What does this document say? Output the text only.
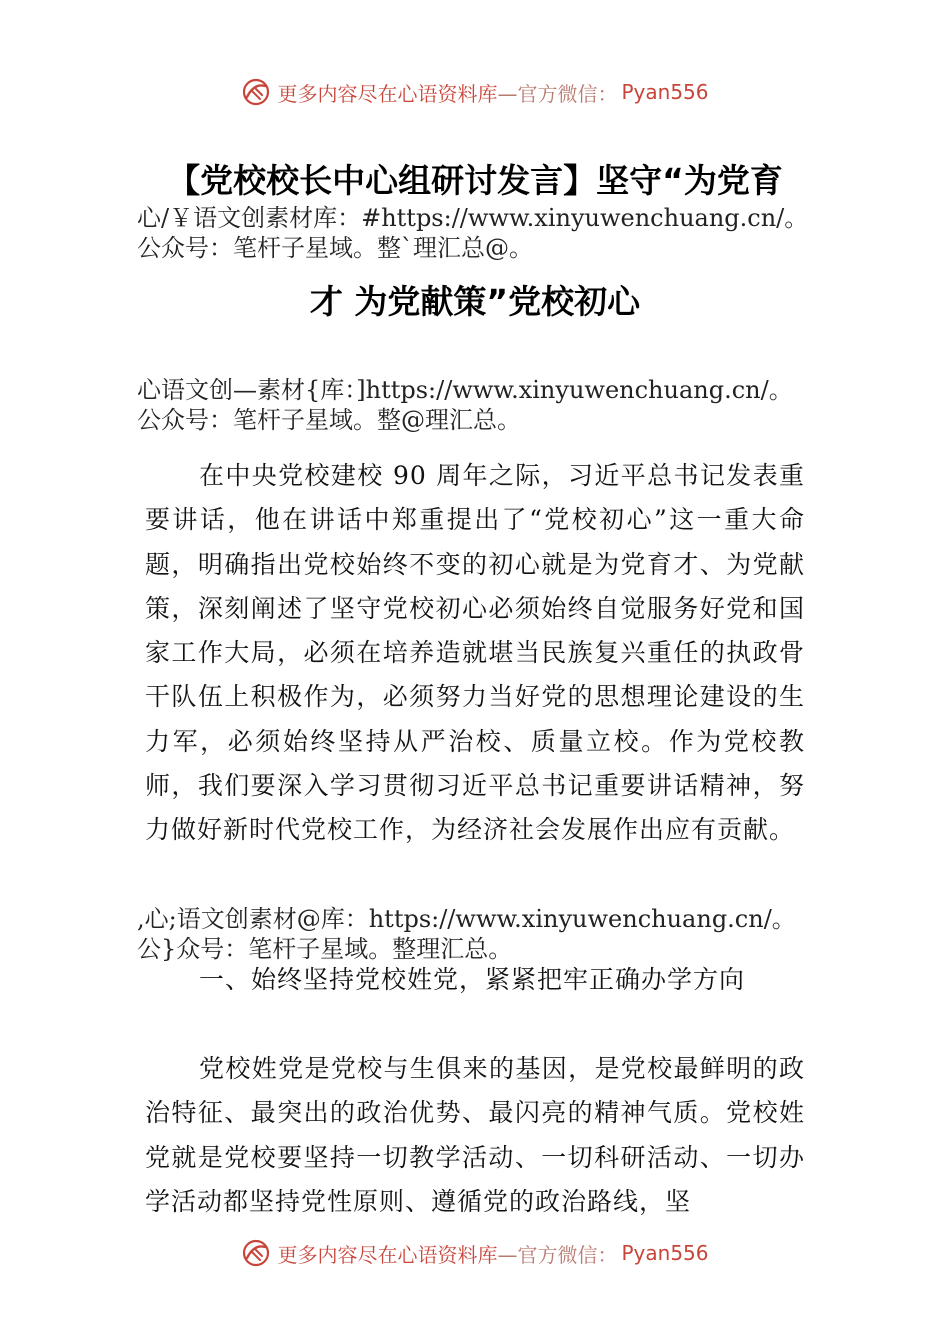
更多内容尽在心语资料库 —官方微信： Pyan556
【党校校长中心组研讨发言】坚守“为党育
心/￥语文创素材库：#https://www.xinyuwenchuang.cn/。
公众号：笔杆子星域。整`理汇总@。
才 为党献策”党校初心
心语文创—素材{库：]https://www.xinyuwenchuang.cn/。
公众号：笔杆子星域。整@理汇总。
在中央党校建校 90 周年之际，习近平总书记发表重要讲话，他在讲话中郑重提出了“党校初心”这一重大命题，明确指出党校始终不变的初心就是为党育才、为党献策，深刻阐述了坚守党校初心必须始终自觉服务好党和国家工作大局，必须在培养造就堪当民族复兴重任的执政骨干队伍上积极作为，必须努力当好党的思想理论建设的生力军，必须始终坚持从严治校、质量立校。作为党校教师，我们要深入学习贯彻习近平总书记重要讲话精神，努力做好新时代党校工作，为经济社会发展作出应有贡献。
,心;语文创素材@库：https://www.xinyuwenchuang.cn/。
公}众号：笔杆子星域。整理汇总。
一、始终坚持党校姓党，紧紧把牢正确办学方向
党校姓党是党校与生俱来的基因，是党校最鲜明的政治特征、最突出的政治优势、最闪亮的精神气质。党校姓党就是党校要坚持一切教学活动、一切科研活动、一切办学活动都坚持党性原则、遵循党的政治路线，坚
更多内容尽在心语资料库 —官方微信： Pyan556
